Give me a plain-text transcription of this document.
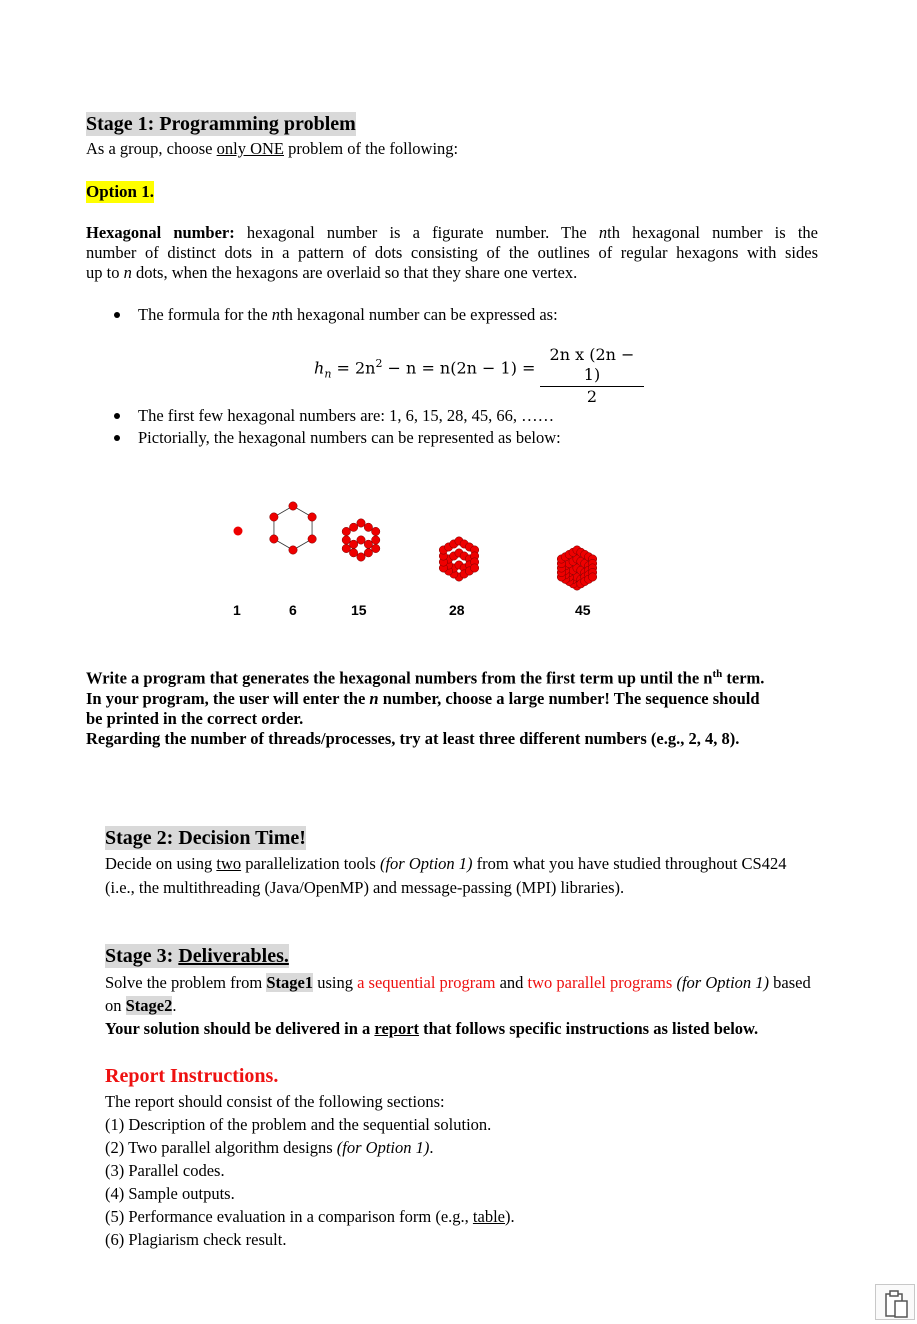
Stage 1: Programming problem
As a group, choose only ONE problem of the following:
Option 1.
Hexagonal number: hexagonal number is a figurate number. The nth hexagonal number is the
number of distinct dots in a pattern of dots consisting of the outlines of regular hexagons with sides
up to n dots, when the hexagons are overlaid so that they share one vertex.
The formula for the nth hexagonal number can be expressed as:
$h_n = 2n^2 - n = n(2n - 1)$ =
2n x (2n − 1)
2
The first few hexagonal numbers are: 1, 6, 15, 28, 45, 66, ……
Pictorially, the hexagonal numbers can be represented as below:
1	6	15	28	45
Write a program that generates the hexagonal numbers from the first term up until the $n^{th}$ term.
In your program, the user will enter the n number, choose a large number! The sequence should
be printed in the correct order.
Regarding the number of threads/processes, try at least three different numbers (e.g., 2, 4, 8).
Stage 2: Decision Time!
Decide on using two parallelization tools (for Option 1) from what you have studied throughout CS424
(i.e., the multithreading (Java/OpenMP) and message-passing (MPI) libraries).
Stage 3: Deliverables.
Solve the problem from Stage1 using a sequential program and two parallel programs (for Option 1) based
on Stage2.
Your solution should be delivered in a report that follows specific instructions as listed below.
Report Instructions.
The report should consist of the following sections:
(1) Description of the problem and the sequential solution.
(2) Two parallel algorithm designs (for Option 1).
(3) Parallel codes.
(4) Sample outputs.
(5) Performance evaluation in a comparison form (e.g., table).
(6) Plagiarism check result.
